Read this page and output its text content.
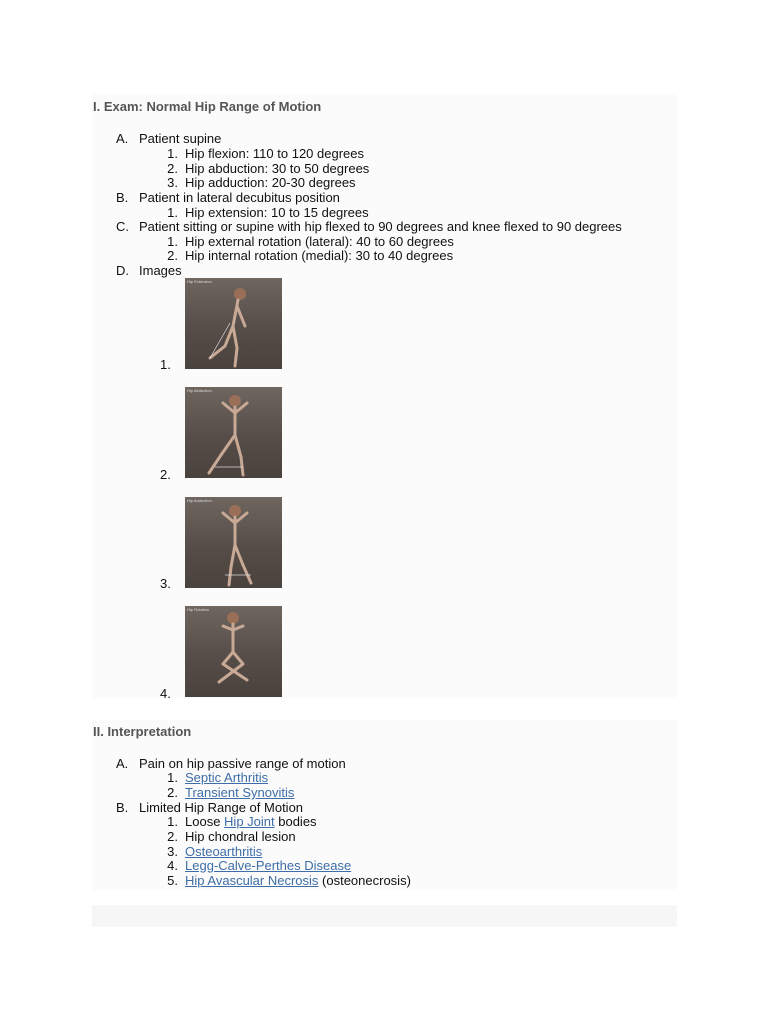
I. Exam: Normal Hip Range of Motion
A. Patient supine
1. Hip flexion: 110 to 120 degrees
2. Hip abduction: 30 to 50 degrees
3. Hip adduction: 20-30 degrees
B. Patient in lateral decubitus position
1. Hip extension: 10 to 15 degrees
C. Patient sitting or supine with hip flexed to 90 degrees and knee flexed to 90 degrees
1. Hip external rotation (lateral): 40 to 60 degrees
2. Hip internal rotation (medial): 30 to 40 degrees
D. Images
Hip Extension
1.
Hip Abduction
2.
Hip Adduction
3.
Hip Rotation
4.
II. Interpretation
A. Pain on hip passive range of motion
1. Septic Arthritis
2. Transient Synovitis
B. Limited Hip Range of Motion
1. Loose Hip Joint bodies
2. Hip chondral lesion
3. Osteoarthritis
4. Legg-Calve-Perthes Disease
5. Hip Avascular Necrosis (osteonecrosis)
